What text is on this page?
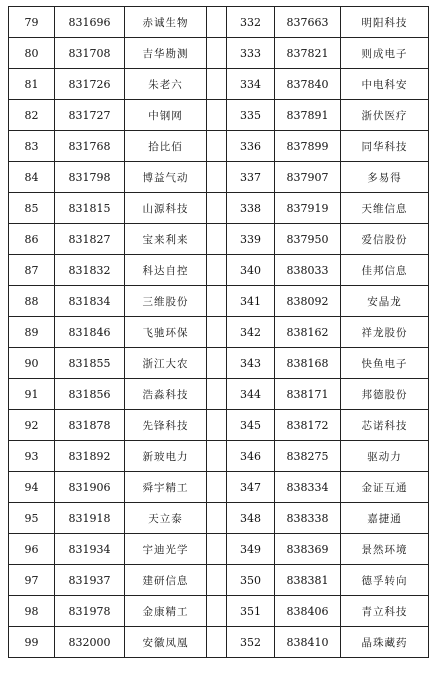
79	831696	赤诚生物		332	837663	明阳科技
80	831708	吉华勘测		333	837821	则成电子
81	831726	朱老六		334	837840	中电科安
82	831727	中钢网		335	837891	浙伏医疗
83	831768	拾比佰		336	837899	同华科技
84	831798	博益气动		337	837907	多易得
85	831815	山源科技		338	837919	天维信息
86	831827	宝来利来		339	837950	爱信股份
87	831832	科达自控		340	838033	佳邦信息
88	831834	三维股份		341	838092	安晶龙
89	831846	飞驰环保		342	838162	祥龙股份
90	831855	浙江大农		343	838168	快鱼电子
91	831856	浩淼科技		344	838171	邦德股份
92	831878	先锋科技		345	838172	芯诺科技
93	831892	新玻电力		346	838275	驱动力
94	831906	舜宇精工		347	838334	金证互通
95	831918	天立泰		348	838338	嘉捷通
96	831934	宇迪光学		349	838369	景然环境
97	831937	建研信息		350	838381	德孚转向
98	831978	金康精工		351	838406	青立科技
99	832000	安徽凤凰		352	838410	晶珠藏药
